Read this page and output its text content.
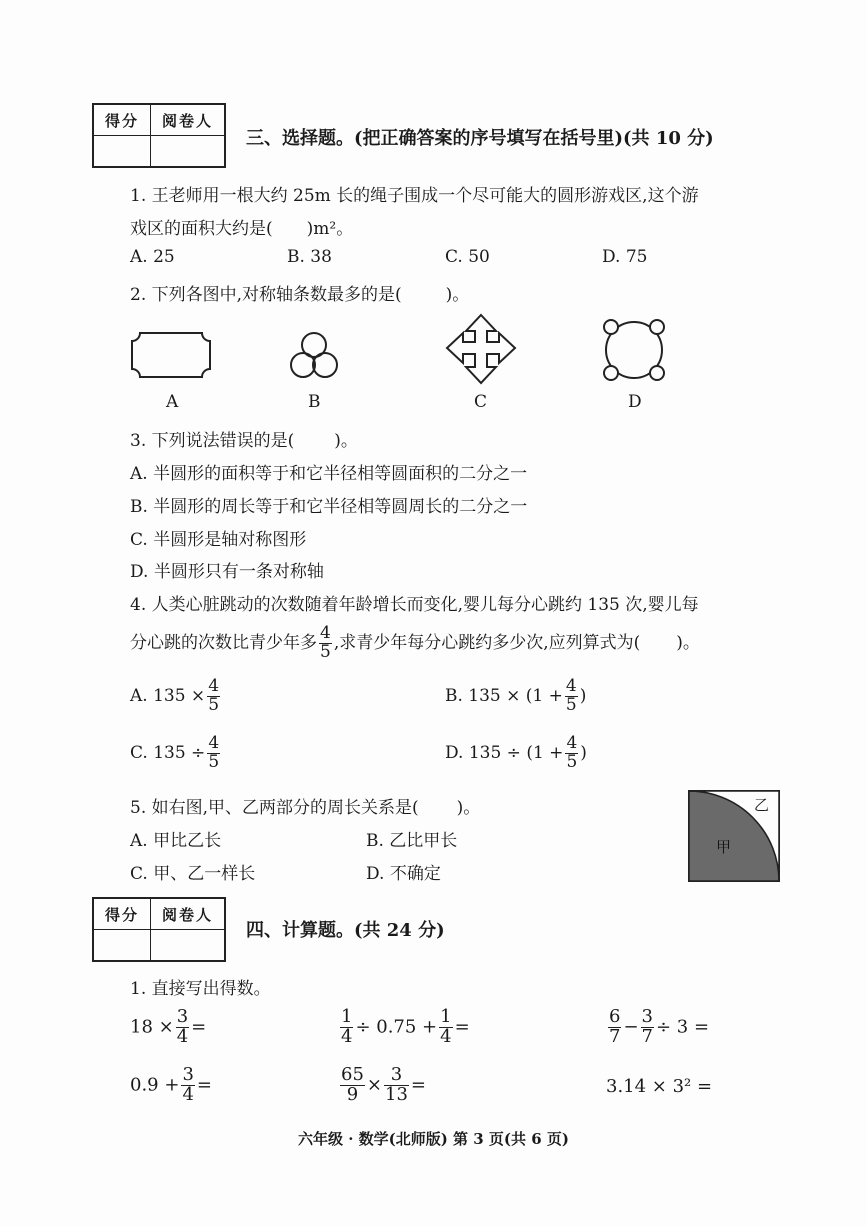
得分	阅卷人

三、选择题。(把正确答案的序号填写在括号里)(共 10 分)
1. 王老师用一根大约 25m 长的绳子围成一个尽可能大的圆形游戏区,这个游
戏区的面积大约是( )m²。
A. 25	B. 38	C. 50	D. 75
2. 下列各图中,对称轴条数最多的是(	)。
A	B	C	D
3. 下列说法错误的是( )。
A. 半圆形的面积等于和它半径相等圆面积的二分之一
B. 半圆形的周长等于和它半径相等圆周长的二分之一
C. 半圆形是轴对称图形
D. 半圆形只有一条对称轴
4. 人类心脏跳动的次数随着年龄增长而变化,婴儿每分心跳约 135 次,婴儿每
分心跳的次数比青少年多 $\frac{4}{5}$ ,求青少年每分心跳约多少次,应列算式为( )。
A. $135 \times \frac{4}{5}$	B. $135 \times (1 + \frac{4}{5}$ )
C. $135 \div \frac{4}{5}$	D. $135 \div (1 + \frac{4}{5}$ )
5. 如右图,甲、乙两部分的周长关系是( )。
A. 甲比乙长	B. 乙比甲长
C. 甲、乙一样长	D. 不确定
乙
甲
得分	阅卷人

四、计算题。(共 24 分)
1. 直接写出得数。
$18 \times \frac{3}{4}$ =	$\frac{1}{4} \div 0.75 + \frac{1}{4}$ =	$\frac{6}{7} - \frac{3}{7} \div 3$ =
$0.9 + \frac{3}{4}$ =	$\frac{65}{9} \times \frac{3}{13}$ =	3.14 × 3² =
六年级 · 数学(北师版) 第 3 页(共 6 页)
